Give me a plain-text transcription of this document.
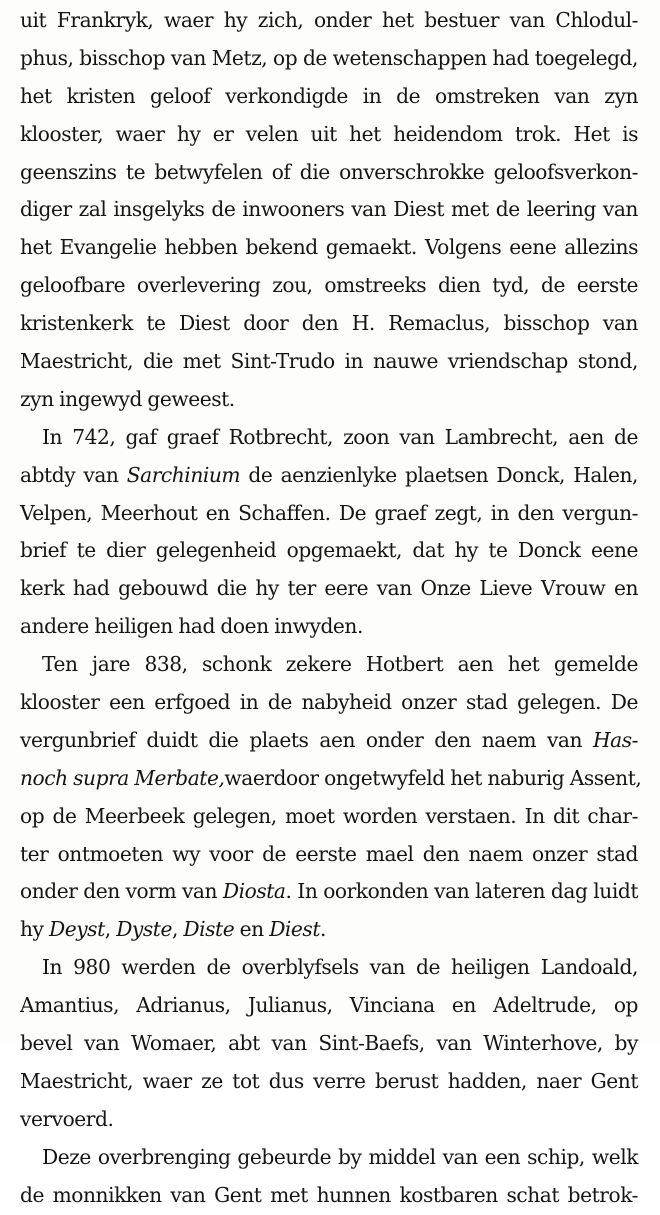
uit Frankryk, waer hy zich, onder het bestuer van Chlodul-
phus, bisschop van Metz, op de wetenschappen had toegelegd,
het kristen geloof verkondigde in de omstreken van zyn
klooster, waer hy er velen uit het heidendom trok. Het is
geenszins te betwyfelen of die onverschrokke geloofsverkon-
diger zal insgelyks de inwooners van Diest met de leering van
het Evangelie hebben bekend gemaekt. Volgens eene allezins
geloofbare overlevering zou, omstreeks dien tyd, de eerste
kristenkerk te Diest door den H. Remaclus, bisschop van
Maestricht, die met Sint-Trudo in nauwe vriendschap stond,
zyn ingewyd geweest.
In 742, gaf graef Rotbrecht, zoon van Lambrecht, aen de
abtdy van Sarchinium de aenzienlyke plaetsen Donck, Halen,
Velpen, Meerhout en Schaffen. De graef zegt, in den vergun-
brief te dier gelegenheid opgemaekt, dat hy te Donck eene
kerk had gebouwd die hy ter eere van Onze Lieve Vrouw en
andere heiligen had doen inwyden.
Ten jare 838, schonk zekere Hotbert aen het gemelde
klooster een erfgoed in de nabyheid onzer stad gelegen. De
vergunbrief duidt die plaets aen onder den naem van Has-
noch supra Merbate,waerdoor ongetwyfeld het naburig Assent,
op de Meerbeek gelegen, moet worden verstaen. In dit char-
ter ontmoeten wy voor de eerste mael den naem onzer stad
onder den vorm van Diosta. In oorkonden van lateren dag luidt
hy Deyst, Dyste, Diste en Diest.
In 980 werden de overblyfsels van de heiligen Landoald,
Amantius, Adrianus, Julianus, Vinciana en Adeltrude, op
bevel van Womaer, abt van Sint-Baefs, van Winterhove, by
Maestricht, waer ze tot dus verre berust hadden, naer Gent
vervoerd.
Deze overbrenging gebeurde by middel van een schip, welk
de monnikken van Gent met hunnen kostbaren schat betrok-
